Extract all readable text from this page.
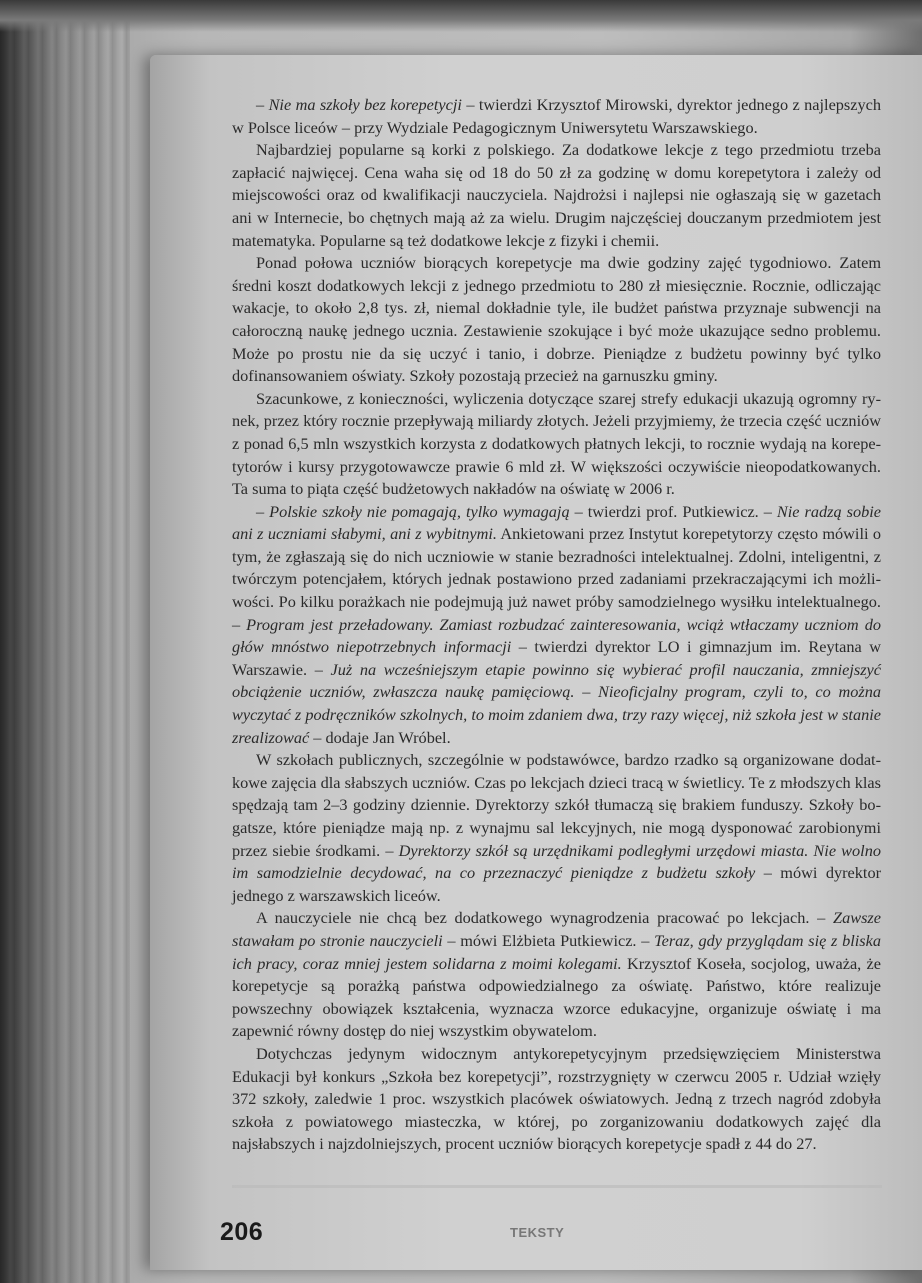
– Nie ma szkoły bez korepetycji – twierdzi Krzysztof Mirowski, dyrektor jednego z najlepszych w Polsce liceów – przy Wydziale Pedagogicznym Uniwersytetu Warszawskiego.

Najbardziej popularne są korki z polskiego. Za dodatkowe lekcje z tego przedmiotu trzeba zapłacić najwięcej. Cena waha się od 18 do 50 zł za godzinę w domu korepetytora i zależy od miejscowości oraz od kwalifikacji nauczyciela. Najdrożsi i najlepsi nie ogłaszają się w gazetach ani w Internecie, bo chętnych mają aż za wielu. Drugim najczęściej douczanym przedmiotem jest matematyka. Popularne są też dodatkowe lekcje z fizyki i chemii.

Ponad połowa uczniów biorących korepetycje ma dwie godziny zajęć tygodniowo. Zatem średni koszt dodatkowych lekcji z jednego przedmiotu to 280 zł miesięcznie. Rocznie, odliczając wakacje, to około 2,8 tys. zł, niemal dokładnie tyle, ile budżet państwa przyznaje subwencji na całoroczną naukę jednego ucznia. Zestawienie szokujące i być może ukazujące sedno problemu. Może po prostu nie da się uczyć i tanio, i dobrze. Pieniądze z budżetu powinny być tylko dofinansowaniem oświaty. Szkoły pozostają przecież na garnuszku gminy.

Szacunkowe, z konieczności, wyliczenia dotyczące szarej strefy edukacji ukazują ogromny rynek, przez który rocznie przepływają miliardy złotych. Jeżeli przyjmiemy, że trzecia część uczniów z ponad 6,5 mln wszystkich korzysta z dodatkowych płatnych lekcji, to rocznie wydają na korepetytorów i kursy przygotowawcze prawie 6 mld zł. W większości oczywiście nieopodatkowanych. Ta suma to piąta część budżetowych nakładów na oświatę w 2006 r.

– Polskie szkoły nie pomagają, tylko wymagają – twierdzi prof. Putkiewicz. – Nie radzą sobie ani z uczniami słabymi, ani z wybitnymi. Ankietowani przez Instytut korepetytorzy często mówili o tym, że zgłaszają się do nich uczniowie w stanie bezradności intelektualnej. Zdolni, inteligentni, z twórczym potencjałem, których jednak postawiono przed zadaniami przekraczającymi ich możliwości. Po kilku porażkach nie podejmują już nawet próby samodzielnego wysiłku intelektualnego. – Program jest przeładowany. Zamiast rozbudzać zainteresowania, wciąż wtłaczamy uczniom do głów mnóstwo niepotrzebnych informacji – twierdzi dyrektor LO i gimnazjum im. Reytana w Warszawie. – Już na wcześniejszym etapie powinno się wybierać profil nauczania, zmniejszyć obciążenie uczniów, zwłaszcza naukę pamięciową. – Nieoficjalny program, czyli to, co można wyczytać z podręczników szkolnych, to moim zdaniem dwa, trzy razy więcej, niż szkoła jest w stanie zrealizować – dodaje Jan Wróbel.

W szkołach publicznych, szczególnie w podstawówce, bardzo rzadko są organizowane dodatkowe zajęcia dla słabszych uczniów. Czas po lekcjach dzieci tracą w świetlicy. Te z młodszych klas spędzają tam 2–3 godziny dziennie. Dyrektorzy szkół tłumaczą się brakiem funduszy. Szkoły bogatsze, które pieniądze mają np. z wynajmu sal lekcyjnych, nie mogą dysponować zarobionymi przez siebie środkami. – Dyrektorzy szkół są urzędnikami podległymi urzędowi miasta. Nie wolno im samodzielnie decydować, na co przeznaczyć pieniądze z budżetu szkoły – mówi dyrektor jednego z warszawskich liceów.

A nauczyciele nie chcą bez dodatkowego wynagrodzenia pracować po lekcjach. – Zawsze stawałam po stronie nauczycieli – mówi Elżbieta Putkiewicz. – Teraz, gdy przyglądam się z bliska ich pracy, coraz mniej jestem solidarna z moimi kolegami. Krzysztof Koseła, socjolog, uważa, że korepetycje są porażką państwa odpowiedzialnego za oświatę. Państwo, które realizuje powszechny obowiązek kształcenia, wyznacza wzorce edukacyjne, organizuje oświatę i ma zapewnić równy dostęp do niej wszystkim obywatelom.

Dotychczas jedynym widocznym antykorepetycyjnym przedsięwzięciem Ministerstwa Edukacji był konkurs „Szkoła bez korepetycji”, rozstrzygnięty w czerwcu 2005 r. Udział wzięły 372 szkoły, zaledwie 1 proc. wszystkich placówek oświatowych. Jedną z trzech nagród zdobyła szkoła z powiatowego miasteczka, w której, po zorganizowaniu dodatkowych zajęć dla najsłabszych i najzdolniejszych, procent uczniów biorących korepetycje spadł z 44 do 27.

206	TEKSTY
